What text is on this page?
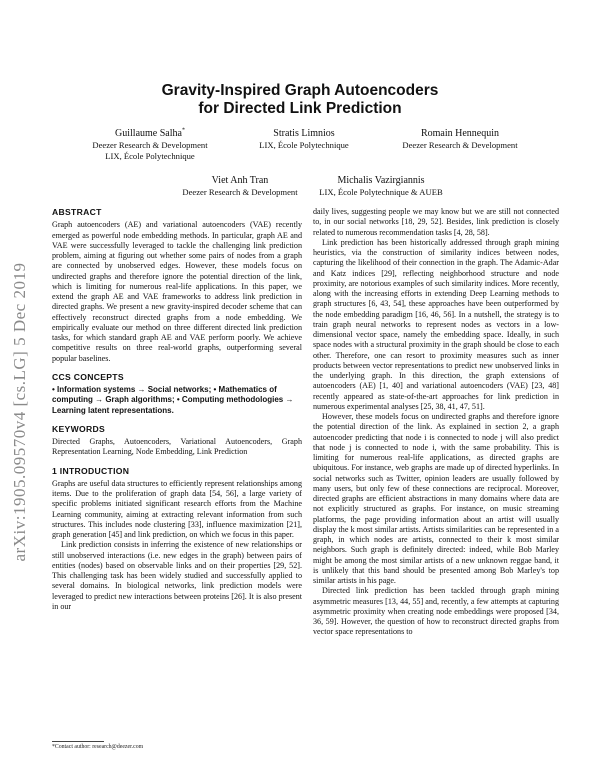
Gravity-Inspired Graph Autoencoders
for Directed Link Prediction
Guillaume Salha*
Deezer Research & Development
LIX, École Polytechnique
Stratis Limnios
LIX, École Polytechnique
Romain Hennequin
Deezer Research & Development
Viet Anh Tran
Deezer Research & Development
Michalis Vazirgiannis
LIX, École Polytechnique & AUEB
arXiv:1905.09570v4 [cs.LG] 5 Dec 2019
ABSTRACT

Graph autoencoders (AE) and variational autoencoders (VAE) recently emerged as powerful node embedding methods. In particular, graph AE and VAE were successfully leveraged to tackle the challenging link prediction problem, aiming at figuring out whether some pairs of nodes from a graph are connected by unobserved edges. However, these models focus on undirected graphs and therefore ignore the potential direction of the link, which is limiting for numerous real-life applications. In this paper, we extend the graph AE and VAE frameworks to address link prediction in directed graphs. We present a new gravity-inspired decoder scheme that can effectively reconstruct directed graphs from a node embedding. We empirically evaluate our method on three different directed link prediction tasks, for which standard graph AE and VAE perform poorly. We achieve competitive results on three real-world graphs, outperforming several popular baselines.

CCS CONCEPTS

• Information systems → Social networks; • Mathematics of computing → Graph algorithms; • Computing methodologies → Learning latent representations.

KEYWORDS

Directed Graphs, Autoencoders, Variational Autoencoders, Graph Representation Learning, Node Embedding, Link Prediction

1 INTRODUCTION

Graphs are useful data structures to efficiently represent relationships among items. Due to the proliferation of graph data [54, 56], a large variety of specific problems initiated significant research efforts from the Machine Learning community, aiming at extracting relevant information from such structures. This includes node clustering [33], influence maximization [21], graph generation [45] and link prediction, on which we focus in this paper.

Link prediction consists in inferring the existence of new relationships or still unobserved interactions (i.e. new edges in the graph) between pairs of entities (nodes) based on observable links and on their properties [29, 52]. This challenging task has been widely studied and successfully applied to several domains. In biological networks, link prediction models were leveraged to predict new interactions between proteins [26]. It is also present in our

daily lives, suggesting people we may know but we are still not connected to, in our social networks [18, 29, 52]. Besides, link prediction is closely related to numerous recommendation tasks [4, 28, 58].

Link prediction has been historically addressed through graph mining heuristics, via the construction of similarity indices between nodes, capturing the likelihood of their connection in the graph. The Adamic-Adar and Katz indices [29], reflecting neighborhood structure and node proximity, are notorious examples of such similarity indices. More recently, along with the increasing efforts in extending Deep Learning methods to graph structures [6, 43, 54], these approaches have been outperformed by the node embedding paradigm [16, 46, 56]. In a nutshell, the strategy is to train graph neural networks to represent nodes as vectors in a low-dimensional vector space, namely the embedding space. Ideally, in such space nodes with a structural proximity in the graph should be close to each other. Therefore, one can resort to proximity measures such as inner products between vector representations to predict new unobserved links in the underlying graph. In this direction, the graph extensions of autoencoders (AE) [1, 40] and variational autoencoders (VAE) [23, 48] recently appeared as state-of-the-art approaches for link prediction in numerous experimental analyses [25, 38, 41, 47, 51].

However, these models focus on undirected graphs and therefore ignore the potential direction of the link. As explained in section 2, a graph autoencoder predicting that node i is connected to node j will also predict that node j is connected to node i, with the same probability. This is limiting for numerous real-life applications, as directed graphs are ubiquitous. For instance, web graphs are made up of directed hyperlinks. In social networks such as Twitter, opinion leaders are usually followed by many users, but only few of these connections are reciprocal. Moreover, directed graphs are efficient abstractions in many domains where data are not explicitly structured as graphs. For instance, on music streaming platforms, the page providing information about an artist will usually display the k most similar artists. Artists similarities can be represented in a graph, in which nodes are artists, connected to their k most similar neighbors. Such graph is definitely directed: indeed, while Bob Marley might be among the most similar artists of a new unknown reggae band, it is unlikely that this band should be presented among Bob Marley's top similar artists in his page.

Directed link prediction has been tackled through graph mining asymmetric measures [13, 44, 55] and, recently, a few attempts at capturing asymmetric proximity when creating node embeddings were proposed [34, 36, 59]. However, the question of how to reconstruct directed graphs from vector space representations to

*Contact author: research@deezer.com
